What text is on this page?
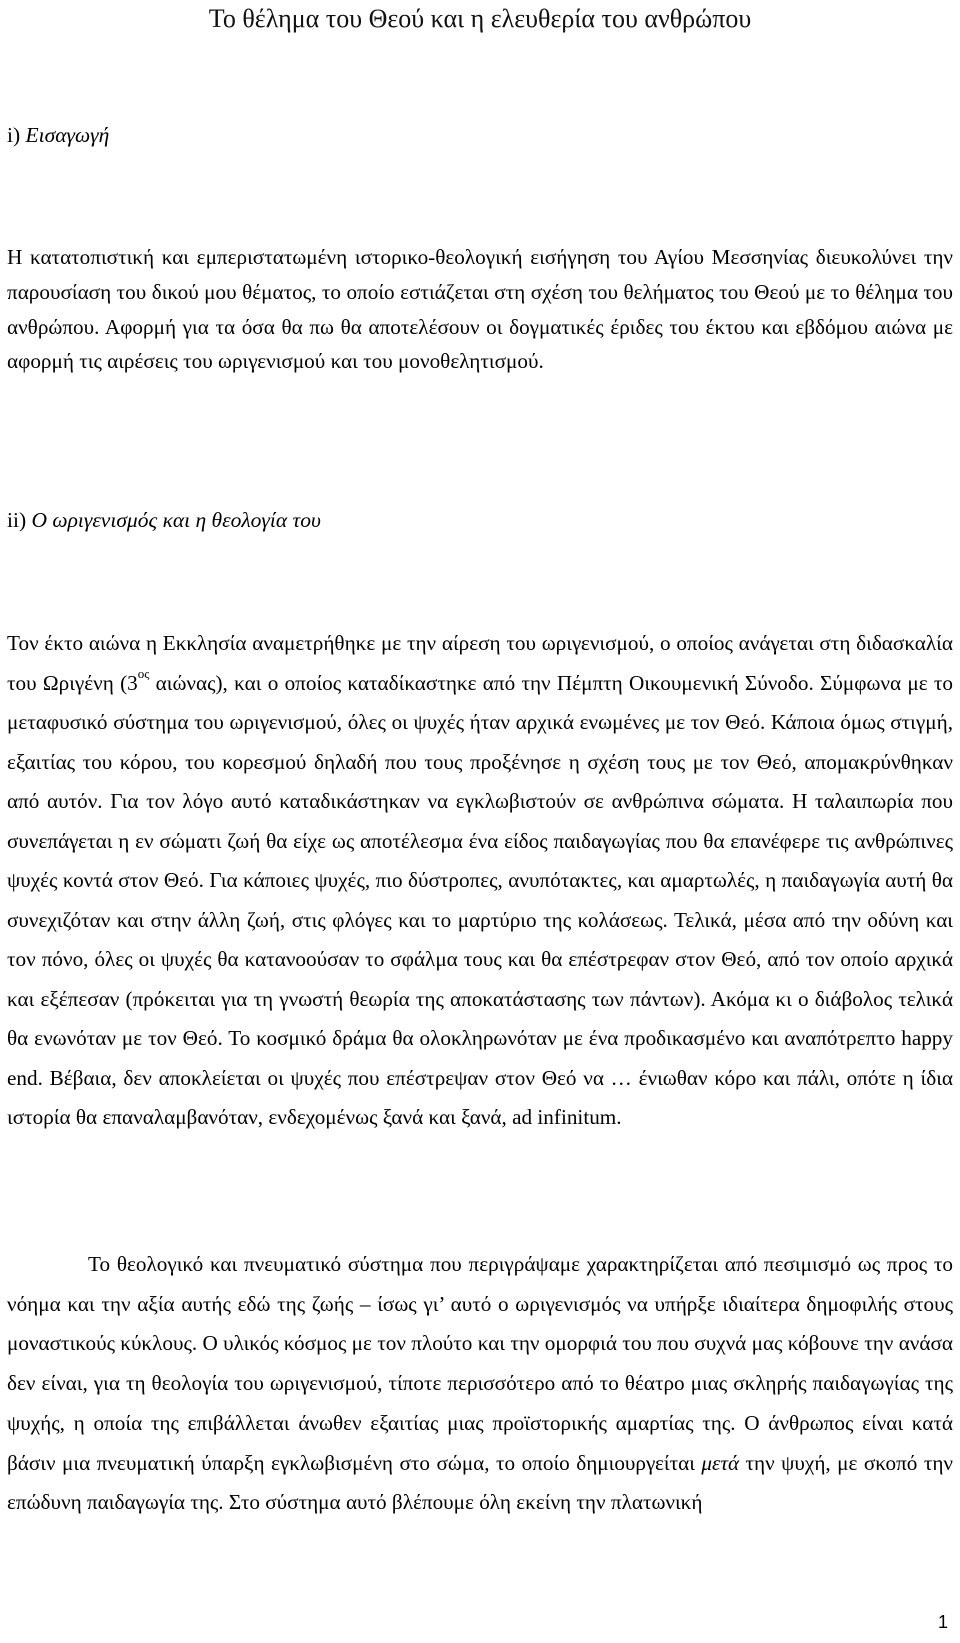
Το θέλημα του Θεού και η ελευθερία του ανθρώπου
i) Εισαγωγή

Η κατατοπιστική και εμπεριστατωμένη ιστορικο-θεολογική εισήγηση του Αγίου Μεσσηνίας διευκολύνει την παρουσίαση του δικού μου θέματος, το οποίο εστιάζεται στη σχέση του θελήματος του Θεού με το θέλημα του ανθρώπου. Αφορμή για τα όσα θα πω θα αποτελέσουν οι δογματικές έριδες του έκτου και εβδόμου αιώνα με αφορμή τις αιρέσεις του ωριγενισμού και του μονοθελητισμού.

ii) Ο ωριγενισμός και η θεολογία του

Τον έκτο αιώνα η Εκκλησία αναμετρήθηκε με την αίρεση του ωριγενισμού, ο οποίος ανάγεται στη διδασκαλία του Ωριγένη ($3^{o\varsigma}$ αιώνας), και ο οποίος καταδίκαστηκε από την Πέμπτη Οικουμενική Σύνοδο. Σύμφωνα με το μεταφυσικό σύστημα του ωριγενισμού, όλες οι ψυχές ήταν αρχικά ενωμένες με τον Θεό. Κάποια όμως στιγμή, εξαιτίας του κόρου, του κορεσμού δηλαδή που τους προξένησε η σχέση τους με τον Θεό, απομακρύνθηκαν από αυτόν. Για τον λόγο αυτό καταδικάστηκαν να εγκλωβιστούν σε ανθρώπινα σώματα. Η ταλαιπωρία που συνεπάγεται η εν σώματι ζωή θα είχε ως αποτέλεσμα ένα είδος παιδαγωγίας που θα επανέφερε τις ανθρώπινες ψυχές κοντά στον Θεό. Για κάποιες ψυχές, πιο δύστροπες, ανυπότακτες, και αμαρτωλές, η παιδαγωγία αυτή θα συνεχιζόταν και στην άλλη ζωή, στις φλόγες και το μαρτύριο της κολάσεως. Τελικά, μέσα από την οδύνη και τον πόνο, όλες οι ψυχές θα κατανοούσαν το σφάλμα τους και θα επέστρεφαν στον Θεό, από τον οποίο αρχικά και εξέπεσαν (πρόκειται για τη γνωστή θεωρία της αποκατάστασης των πάντων). Ακόμα κι ο διάβολος τελικά θα ενωνόταν με τον Θεό. Το κοσμικό δράμα θα ολοκληρωνόταν με ένα προδικασμένο και αναπότρεπτο happy end. Βέβαια, δεν αποκλείεται οι ψυχές που επέστρεψαν στον Θεό να … ένιωθαν κόρο και πάλι, οπότε η ίδια ιστορία θα επαναλαμβανόταν, ενδεχομένως ξανά και ξανά, ad infinitum.

Το θεολογικό και πνευματικό σύστημα που περιγράψαμε χαρακτηρίζεται από πεσιμισμό ως προς το νόημα και την αξία αυτής εδώ της ζωής – ίσως γι’ αυτό ο ωριγενισμός να υπήρξε ιδιαίτερα δημοφιλής στους μοναστικούς κύκλους. Ο υλικός κόσμος με τον πλούτο και την ομορφιά του που συχνά μας κόβουνε την ανάσα δεν είναι, για τη θεολογία του ωριγενισμού, τίποτε περισσότερο από το θέατρο μιας σκληρής παιδαγωγίας της ψυχής, η οποία της επιβάλλεται άνωθεν εξαιτίας μιας προϊστορικής αμαρτίας της. Ο άνθρωπος είναι κατά βάσιν μια πνευματική ύπαρξη εγκλωβισμένη στο σώμα, το οποίο δημιουργείται μετά την ψυχή, με σκοπό την επώδυνη παιδαγωγία της. Στο σύστημα αυτό βλέπουμε όλη εκείνη την πλατωνική

1
